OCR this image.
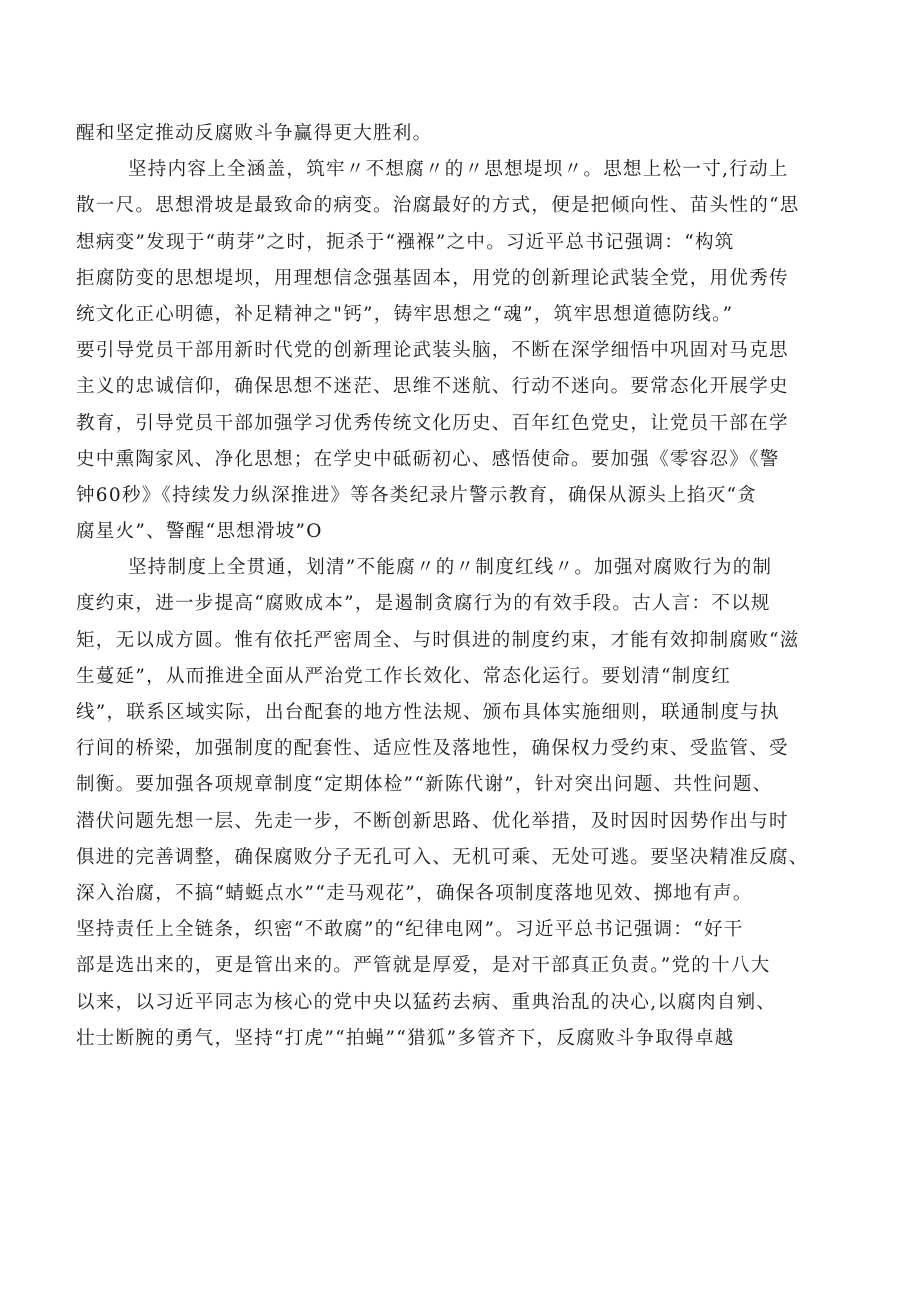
醒和坚定推动反腐败斗争赢得更大胜利。
坚持内容上全涵盖，筑牢〃不想腐〃的〃思想堤坝〃。思想上松一寸,行动上
散一尺。思想滑坡是最致命的病变。治腐最好的方式，便是把倾向性、苗头性的“思
想病变”发现于“萌芽”之时，扼杀于“襁褓”之中。习近平总书记强调：“构筑
拒腐防变的思想堤坝，用理想信念强基固本，用党的创新理论武装全党，用优秀传
统文化正心明德，补足精神之"钙”，铸牢思想之“魂”，筑牢思想道德防线。”
要引导党员干部用新时代党的创新理论武装头脑，不断在深学细悟中巩固对马克思
主义的忠诚信仰，确保思想不迷茫、思维不迷航、行动不迷向。要常态化开展学史
教育，引导党员干部加强学习优秀传统文化历史、百年红色党史，让党员干部在学
史中熏陶家风、净化思想；在学史中砥砺初心、感悟使命。要加强《零容忍》《警
钟60秒》《持续发力纵深推进》等各类纪录片警示教育，确保从源头上掐灭“贪
腐星火”、警醒“思想滑坡”O
坚持制度上全贯通，划清”不能腐〃的〃制度红线〃。加强对腐败行为的制
度约束，进一步提高“腐败成本”，是遏制贪腐行为的有效手段。古人言：不以规
矩，无以成方圆。惟有依托严密周全、与时俱进的制度约束，才能有效抑制腐败“滋
生蔓延”，从而推进全面从严治党工作长效化、常态化运行。要划清“制度红
线”，联系区域实际，出台配套的地方性法规、颁布具体实施细则，联通制度与执
行间的桥梁，加强制度的配套性、适应性及落地性，确保权力受约束、受监管、受
制衡。要加强各项规章制度“定期体检”“新陈代谢”，针对突出问题、共性问题、
潜伏问题先想一层、先走一步，不断创新思路、优化举措，及时因时因势作出与时
俱进的完善调整，确保腐败分子无孔可入、无机可乘、无处可逃。要坚决精准反腐、
深入治腐，不搞“蜻蜓点水”“走马观花”，确保各项制度落地见效、掷地有声。
坚持责任上全链条，织密“不敢腐”的“纪律电网”。习近平总书记强调：“好干
部是选出来的，更是管出来的。严管就是厚爱，是对干部真正负责。”党的十八大
以来，以习近平同志为核心的党中央以猛药去病、重典治乱的决心,以腐肉自剜、
壮士断腕的勇气，坚持“打虎”“拍蝇”“猎狐”多管齐下，反腐败斗争取得卓越
